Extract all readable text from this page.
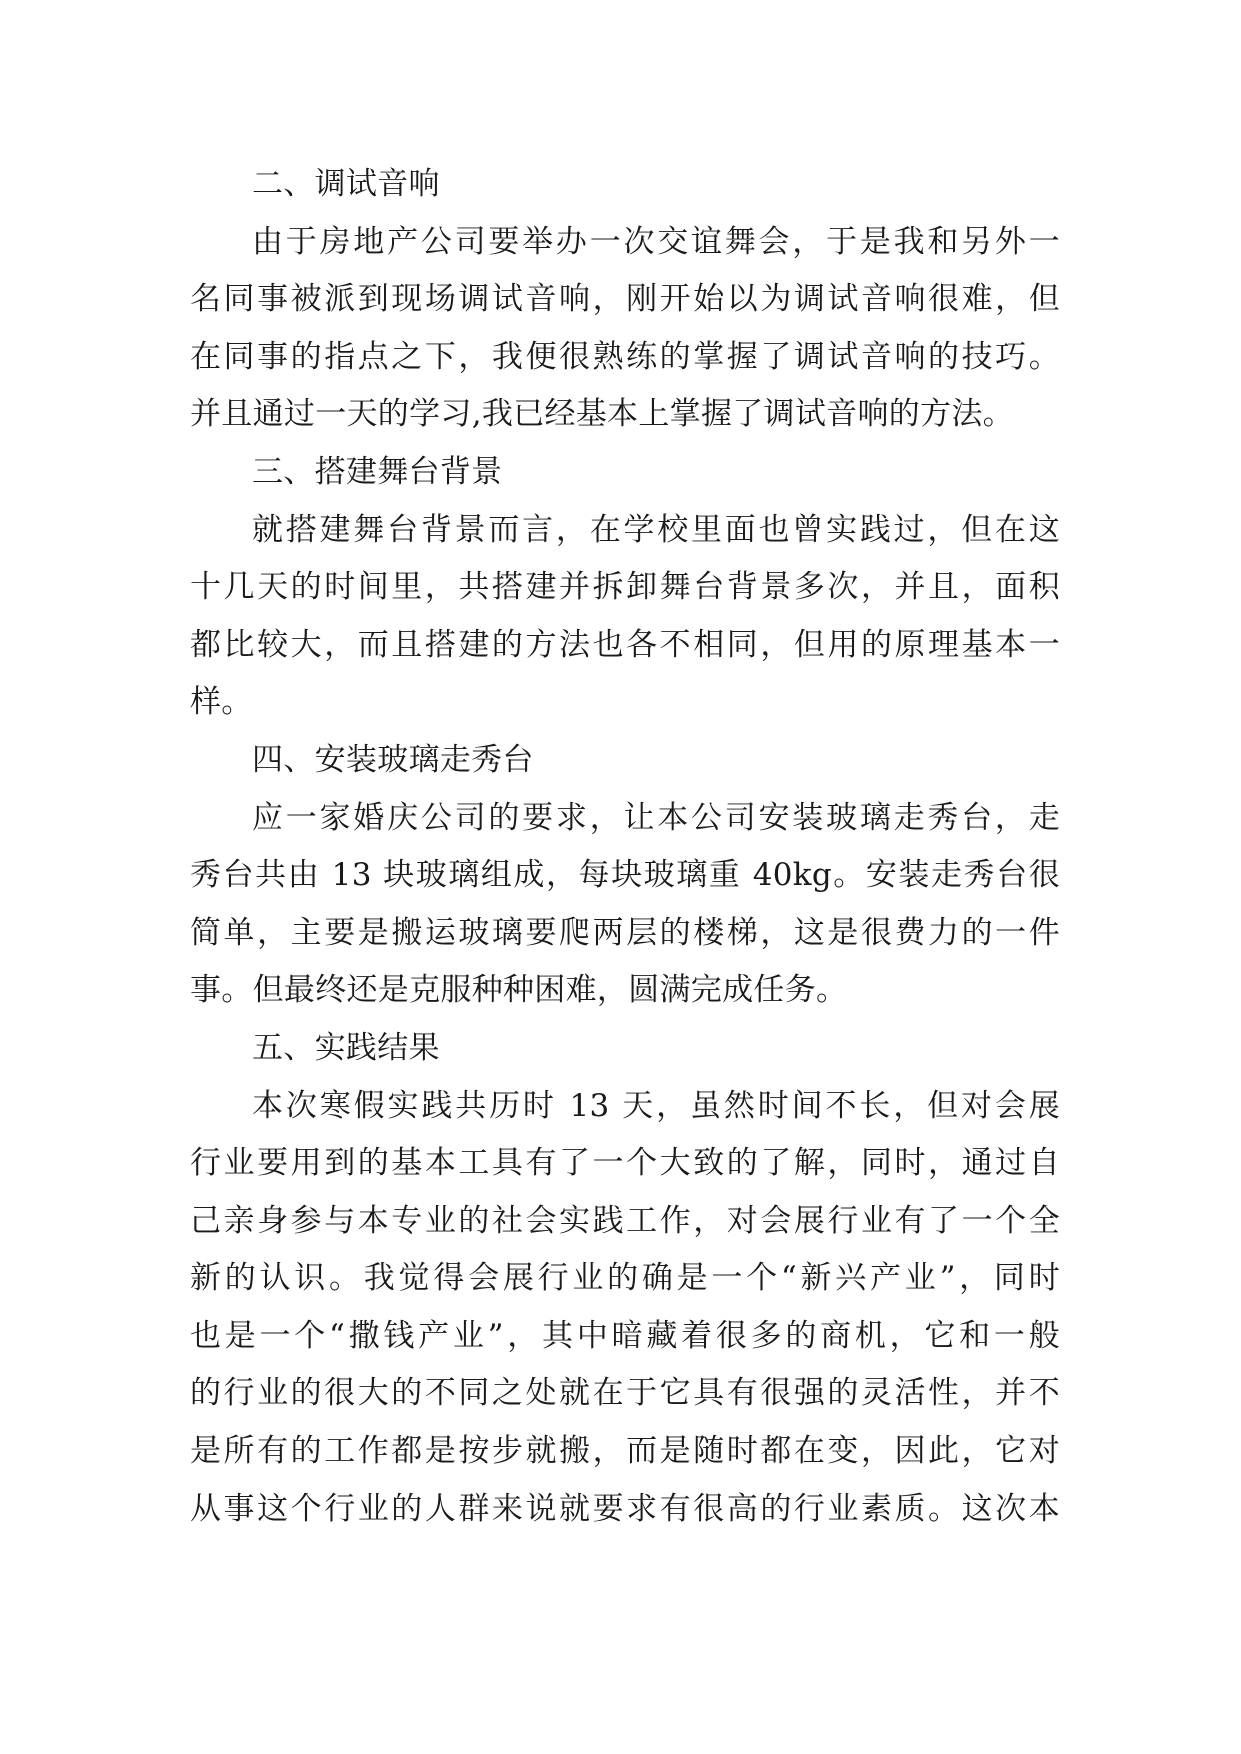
二、调试音响
由于房地产公司要举办一次交谊舞会，于是我和另外一
名同事被派到现场调试音响，刚开始以为调试音响很难，但
在同事的指点之下，我便很熟练的掌握了调试音响的技巧。
并且通过一天的学习,我已经基本上掌握了调试音响的方法。
三、搭建舞台背景
就搭建舞台背景而言，在学校里面也曾实践过，但在这
十几天的时间里，共搭建并拆卸舞台背景多次，并且，面积
都比较大，而且搭建的方法也各不相同，但用的原理基本一
样。
四、安装玻璃走秀台
应一家婚庆公司的要求，让本公司安装玻璃走秀台，走
秀台共由 13 块玻璃组成，每块玻璃重 40kg。安装走秀台很
简单，主要是搬运玻璃要爬两层的楼梯，这是很费力的一件
事。但最终还是克服种种困难，圆满完成任务。
五、实践结果
本次寒假实践共历时 13 天，虽然时间不长，但对会展
行业要用到的基本工具有了一个大致的了解，同时，通过自
己亲身参与本专业的社会实践工作，对会展行业有了一个全
新的认识。我觉得会展行业的确是一个“新兴产业”，同时
也是一个“撒钱产业”，其中暗藏着很多的商机，它和一般
的行业的很大的不同之处就在于它具有很强的灵活性，并不
是所有的工作都是按步就搬，而是随时都在变，因此，它对
从事这个行业的人群来说就要求有很高的行业素质。这次本
